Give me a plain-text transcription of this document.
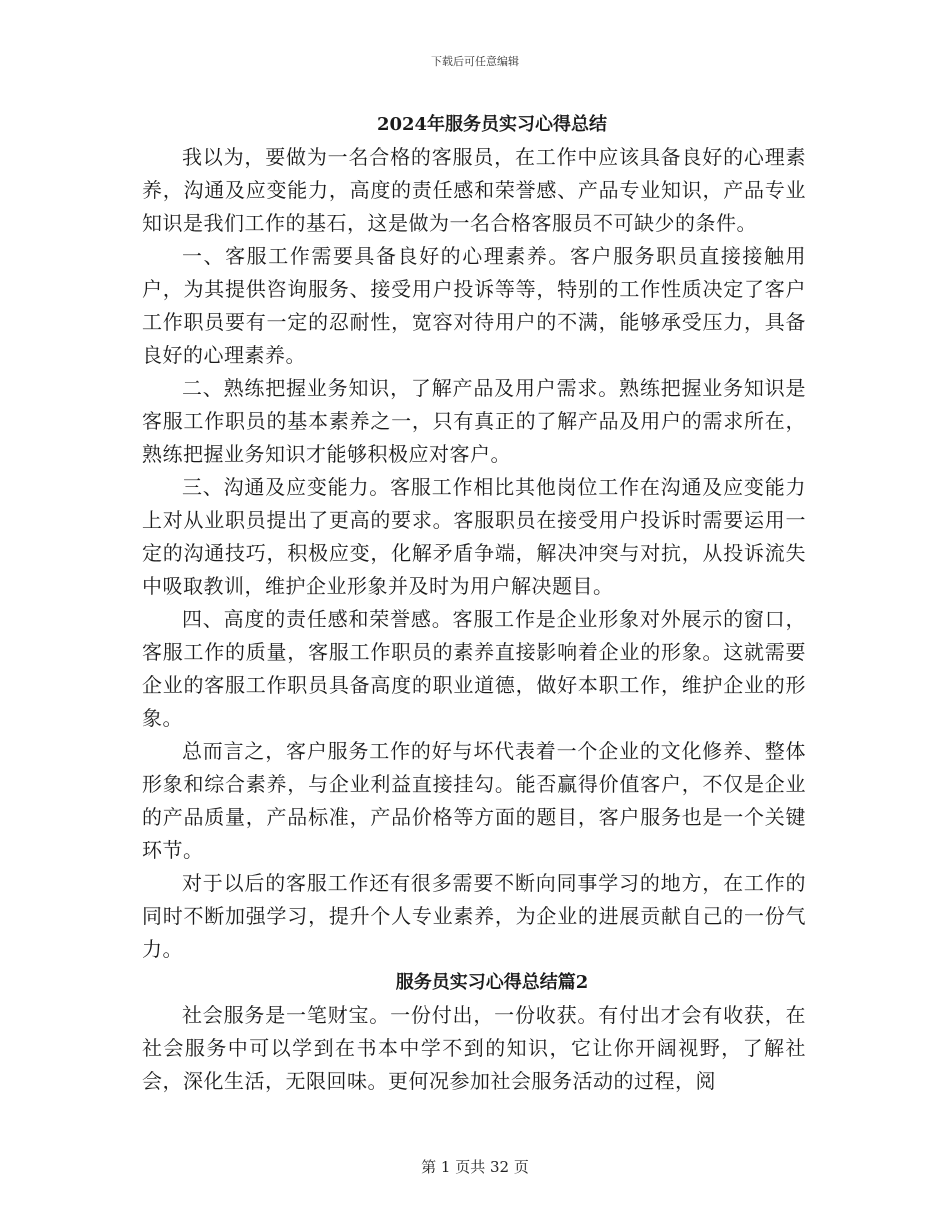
下载后可任意编辑
2024年服务员实习心得总结

我以为，要做为一名合格的客服员，在工作中应该具备良好的心理素养，沟通及应变能力，高度的责任感和荣誉感、产品专业知识，产品专业知识是我们工作的基石，这是做为一名合格客服员不可缺少的条件。

一、客服工作需要具备良好的心理素养。客户服务职员直接接触用户，为其提供咨询服务、接受用户投诉等等，特别的工作性质决定了客户工作职员要有一定的忍耐性，宽容对待用户的不满，能够承受压力，具备良好的心理素养。

二、熟练把握业务知识，了解产品及用户需求。熟练把握业务知识是客服工作职员的基本素养之一，只有真正的了解产品及用户的需求所在，熟练把握业务知识才能够积极应对客户。

三、沟通及应变能力。客服工作相比其他岗位工作在沟通及应变能力上对从业职员提出了更高的要求。客服职员在接受用户投诉时需要运用一定的沟通技巧，积极应变，化解矛盾争端，解决冲突与对抗，从投诉流失中吸取教训，维护企业形象并及时为用户解决题目。

四、高度的责任感和荣誉感。客服工作是企业形象对外展示的窗口，客服工作的质量，客服工作职员的素养直接影响着企业的形象。这就需要企业的客服工作职员具备高度的职业道德，做好本职工作，维护企业的形象。

总而言之，客户服务工作的好与坏代表着一个企业的文化修养、整体形象和综合素养，与企业利益直接挂勾。能否赢得价值客户，不仅是企业的产品质量，产品标准，产品价格等方面的题目，客户服务也是一个关键环节。

对于以后的客服工作还有很多需要不断向同事学习的地方，在工作的同时不断加强学习，提升个人专业素养，为企业的进展贡献自己的一份气力。

服务员实习心得总结篇2

社会服务是一笔财宝。一份付出，一份收获。有付出才会有收获，在社会服务中可以学到在书本中学不到的知识，它让你开阔视野，了解社会，深化生活，无限回味。更何况参加社会服务活动的过程，阅

第 1 页共 32 页
